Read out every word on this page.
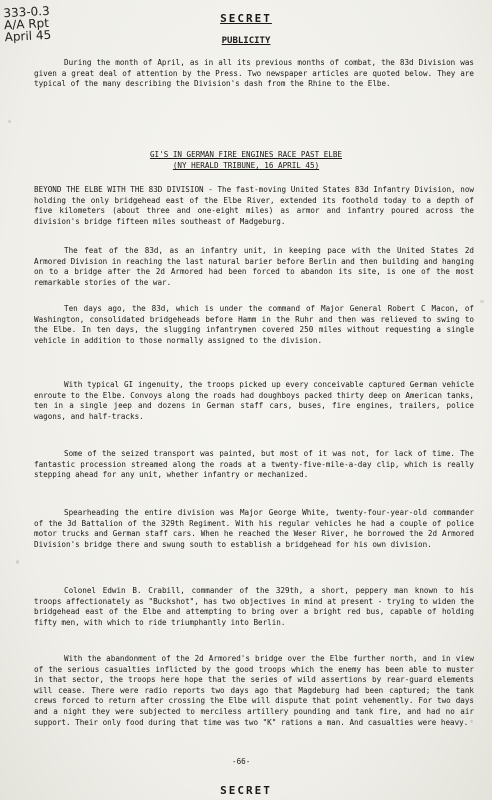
333-0.3
A/A Rpt
April 45
SECRET
PUBLICITY
During the month of April, as in all its previous months of combat, the 83d Division was given a great deal of attention by the Press. Two newspaper articles are quoted below. They are typical of the many describing the Division's dash from the Rhine to the Elbe.
GI'S IN GERMAN FIRE ENGINES RACE PAST ELBE
(NY HERALD TRIBUNE, 16 APRIL 45)
BEYOND THE ELBE WITH THE 83D DIVISION - The fast-moving United States 83d Infantry Division, now holding the only bridgehead east of the Elbe River, extended its foothold today to a depth of five kilometers (about three and one-eight miles) as armor and infantry poured across the division's bridge fifteen miles southeast of Madgeburg.
The feat of the 83d, as an infantry unit, in keeping pace with the United States 2d Armored Division in reaching the last natural barier before Berlin and then building and hanging on to a bridge after the 2d Armored had been forced to abandon its site, is one of the most remarkable stories of the war.
Ten days ago, the 83d, which is under the command of Major General Robert C Macon, of Washington, consolidated bridgeheads before Hamm in the Ruhr and then was relieved to swing to the Elbe. In ten days, the slugging infantrymen covered 250 miles without requesting a single vehicle in addition to those normally assigned to the division.
With typical GI ingenuity, the troops picked up every conceivable captured German vehicle enroute to the Elbe. Convoys along the roads had doughboys packed thirty deep on American tanks, ten in a single jeep and dozens in German staff cars, buses, fire engines, trailers, police wagons, and half-tracks.
Some of the seized transport was painted, but most of it was not, for lack of time. The fantastic procession streamed along the roads at a twenty-five-mile-a-day clip, which is really stepping ahead for any unit, whether infantry or mechanized.
Spearheading the entire division was Major George White, twenty-four-year-old commander of the 3d Battalion of the 329th Regiment. With his regular vehicles he had a couple of police motor trucks and German staff cars. When he reached the Weser River, he borrowed the 2d Armored Division's bridge there and swung south to establish a bridgehead for his own division.
Colonel Edwin B. Crabill, commander of the 329th, a short, peppery man known to his troops affectionately as "Buckshot", has two objectives in mind at present - trying to widen the bridgehead east of the Elbe and attempting to bring over a bright red bus, capable of holding fifty men, with which to ride triumphantly into Berlin.
With the abandonment of the 2d Armored's bridge over the Elbe further north, and in view of the serious casualties inflicted by the good troops which the enemy has been able to muster in that sector, the troops here hope that the series of wild assertions by rear-guard elements will cease. There were radio reports two days ago that Magdeburg had been captured; the tank crews forced to return after crossing the Elbe will dispute that point vehemently. For two days and a night they were subjected to merciless artillery pounding and tank fire, and had no air support. Their only food during that time was two "K" rations a man. And casualties were heavy.
-66-
SECRET
